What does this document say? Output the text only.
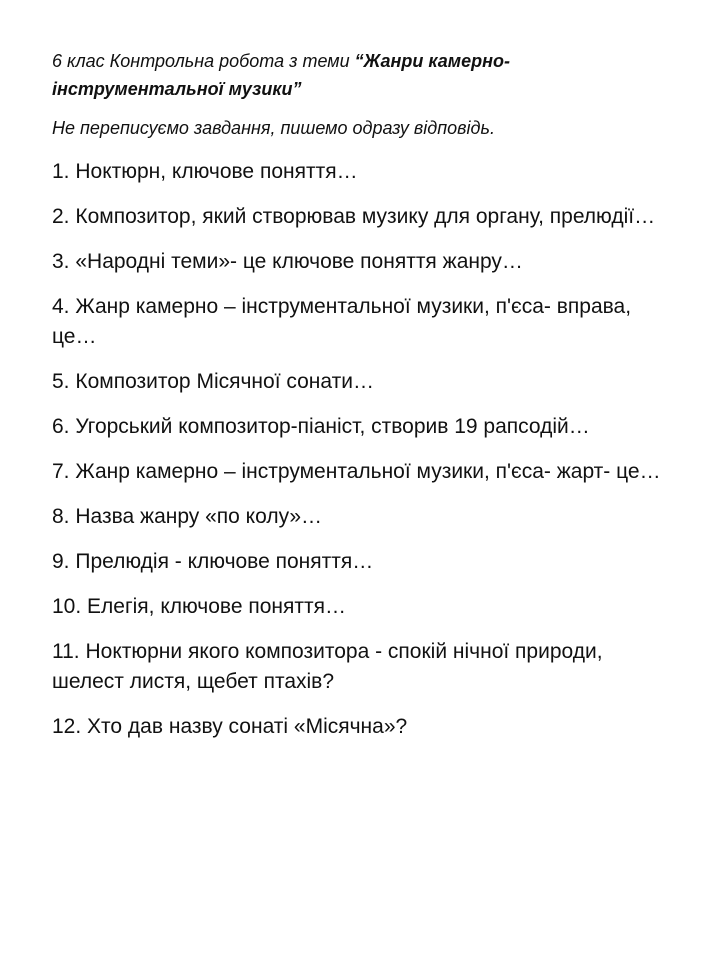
6 клас Контрольна робота з теми “Жанри камерно-інструментальної музики”
Не переписуємо завдання, пишемо одразу відповідь.
1. Ноктюрн, ключове поняття…
2. Композитор, який створював музику для органу, прелюдії…
3. «Народні теми»- це ключове поняття жанру…
4. Жанр камерно – інструментальної музики, п'єса- вправа, це…
5. Композитор Місячної сонати…
6. Угорський композитор-піаніст, створив 19 рапсодій…
7. Жанр камерно – інструментальної музики, п'єса- жарт- це…
8. Назва жанру «по колу»…
9. Прелюдія - ключове поняття…
10. Елегія, ключове поняття…
11. Ноктюрни якого композитора - спокій нічної природи, шелест листя, щебет птахів?
12. Хто дав назву сонаті «Місячна»?
